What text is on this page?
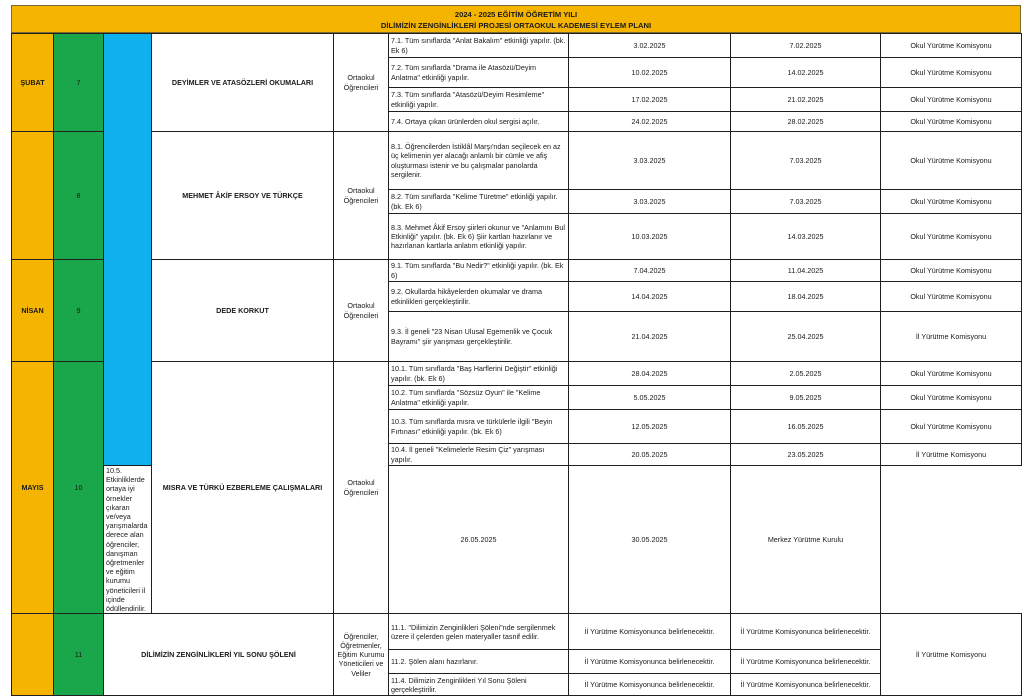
2024 - 2025 EĞİTİM ÖĞRETİM YILI
DİLİMİZİN ZENGİNLİKLERİ PROJESİ ORTAOKUL KADEMESİ EYLEM PLANI
ŞUBAT	7		DEYİMLER VE ATASÖZLERİ OKUMALARI	Ortaokul Öğrencileri	7.1. Tüm sınıflarda "Anlat Bakalım" etkinliği yapılır. (bk. Ek 6)	3.02.2025	7.02.2025	Okul Yürütme Komisyonu
					7.2. Tüm sınıflarda "Drama ile Atasözü/Deyim Anlatma" etkinliği yapılır.	10.02.2025	14.02.2025	Okul Yürütme Komisyonu
					7.3. Tüm sınıflarda "Atasözü/Deyim Resimleme" etkinliği yapılır.	17.02.2025	21.02.2025	Okul Yürütme Komisyonu
					7.4. Ortaya çıkan ürünlerden okul sergisi açılır.	24.02.2025	28.02.2025	Okul Yürütme Komisyonu
	8		MEHMET ÂKİF ERSOY VE TÜRKÇE	Ortaokul Öğrencileri	8.1. Öğrencilerden İstiklâl Marşı'ndan seçilecek en az üç kelimenin yer alacağı anlamlı bir cümle ve afiş oluşturması istenir ve bu çalışmalar panolarda sergilenir.	3.03.2025	7.03.2025	Okul Yürütme Komisyonu
					8.2. Tüm sınıflarda "Kelime Türetme" etkinliği yapılır. (bk. Ek 6)	3.03.2025	7.03.2025	Okul Yürütme Komisyonu
					8.3. Mehmet Âkif Ersoy şiirleri okunur ve "Anlamını Bul Etkinliği" yapılır. (bk. Ek 6) Şiir kartları hazırlanır ve hazırlanan kartlarla anlatım etkinliği yapılır.	10.03.2025	14.03.2025	Okul Yürütme Komisyonu
NİSAN	9		DEDE KORKUT	Ortaokul Öğrencileri	9.1. Tüm sınıflarda "Bu Nedir?" etkinliği yapılır. (bk. Ek 6)	7.04.2025	11.04.2025	Okul Yürütme Komisyonu
					9.2. Okullarda hikâyelerden okumalar ve drama etkinlikleri gerçekleştirilir.	14.04.2025	18.04.2025	Okul Yürütme Komisyonu
					9.3. İl geneli "23 Nisan Ulusal Egemenlik ve Çocuk Bayramı" şiir yarışması gerçekleştirilir.	21.04.2025	25.04.2025	İl Yürütme Komisyonu
MAYIS	10		MISRA VE TÜRKÜ EZBERLEME ÇALIŞMALARI	Ortaokul Öğrencileri	10.1. Tüm sınıflarda "Baş Harflerini Değiştir" etkinliği yapılır. (bk. Ek 6)	28.04.2025	2.05.2025	Okul Yürütme Komisyonu
					10.2. Tüm sınıflarda "Sözsüz Oyun" ile "Kelime Anlatma" etkinliği yapılır.	5.05.2025	9.05.2025	Okul Yürütme Komisyonu
					10.3. Tüm sınıflarda mısra ve türkülerle ilgili "Beyin Fırtınası" etkinliği yapılır. (bk. Ek 6)	12.05.2025	16.05.2025	Okul Yürütme Komisyonu
					10.4. İl geneli "Kelimelerle Resim Çiz" yarışması yapılır.	20.05.2025	23.05.2025	İl Yürütme Komisyonu
		10.5. Etkinliklerde ortaya iyi örnekler çıkaran ve/veya yarışmalarda derece alan öğrenciler, danışman öğretmenler ve eğitim kurumu yöneticileri il içinde ödüllendirilir.			26.05.2025	30.05.2025	Merkez Yürütme Kurulu	
	11	DİLİMİZİN ZENGİNLİKLERİ YIL SONU ŞÖLENİ		Öğrenciler, Öğretmenler, Eğitim Kurumu Yöneticileri ve Veliler	11.1. "Dilimizin Zenginlikleri Şöleni"nde sergilenmek üzere il çelerden gelen materyaller tasnif edilir.	İl Yürütme Komisyonunca belirlenecektir.	İl Yürütme Komisyonunca belirlenecektir.	İl Yürütme Komisyonu
					11.2. Şölen alanı hazırlanır.	İl Yürütme Komisyonunca belirlenecektir.	İl Yürütme Komisyonunca belirlenecektir.	
					11.4. Dilimizin Zenginlikleri Yıl Sonu Şöleni gerçekleştirilir.	İl Yürütme Komisyonunca belirlenecektir.	İl Yürütme Komisyonunca belirlenecektir.	
